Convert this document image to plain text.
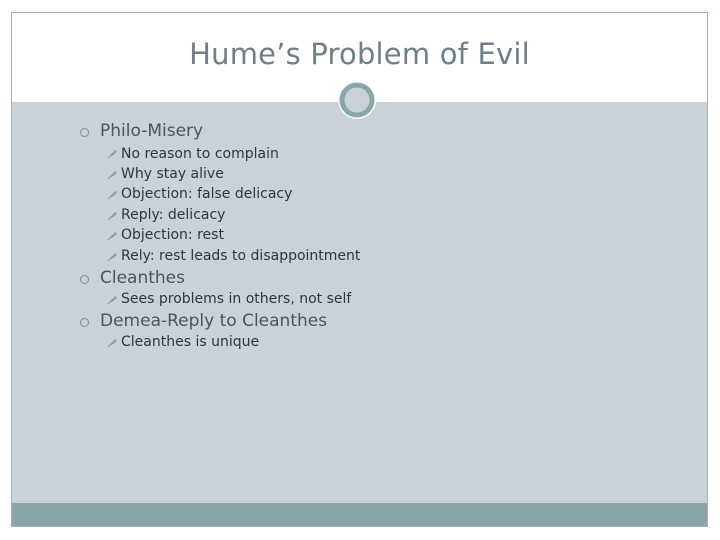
Hume’s Problem of Evil
Philo-Misery
No reason to complain
Why stay alive
Objection: false delicacy
Reply: delicacy
Objection: rest
Rely: rest leads to disappointment
Cleanthes
Sees problems in others, not self
Demea-Reply to Cleanthes
Cleanthes is unique
